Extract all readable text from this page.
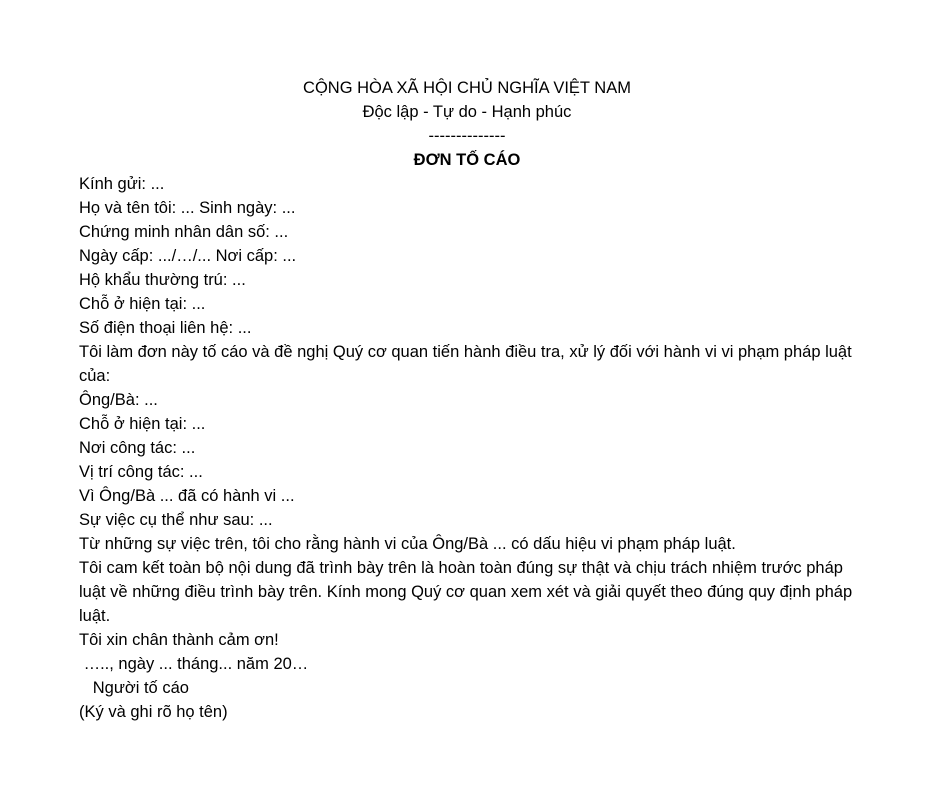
CỘNG HÒA XÃ HỘI CHỦ NGHĨA VIỆT NAM
Độc lập - Tự do - Hạnh phúc
--------------
ĐƠN TỐ CÁO
Kính gửi: ...
Họ và tên tôi: ... Sinh ngày: ...
Chứng minh nhân dân số: ...
Ngày cấp: .../…/... Nơi cấp: ...
Hộ khẩu thường trú: ...
Chỗ ở hiện tại: ...
Số điện thoại liên hệ: ...
Tôi làm đơn này tố cáo và đề nghị Quý cơ quan tiến hành điều tra, xử lý đối với hành vi vi phạm pháp luật của:
Ông/Bà: ...
Chỗ ở hiện tại: ...
Nơi công tác: ...
Vị trí công tác: ...
Vì Ông/Bà ... đã có hành vi ...
Sự việc cụ thể như sau: ...
Từ những sự việc trên, tôi cho rằng hành vi của Ông/Bà ... có dấu hiệu vi phạm pháp luật.
Tôi cam kết toàn bộ nội dung đã trình bày trên là hoàn toàn đúng sự thật và chịu trách nhiệm trước pháp luật về những điều trình bày trên. Kính mong Quý cơ quan xem xét và giải quyết theo đúng quy định pháp luật.
Tôi xin chân thành cảm ơn!
….., ngày ... tháng... năm 20…
Người tố cáo
(Ký và ghi rõ họ tên)
